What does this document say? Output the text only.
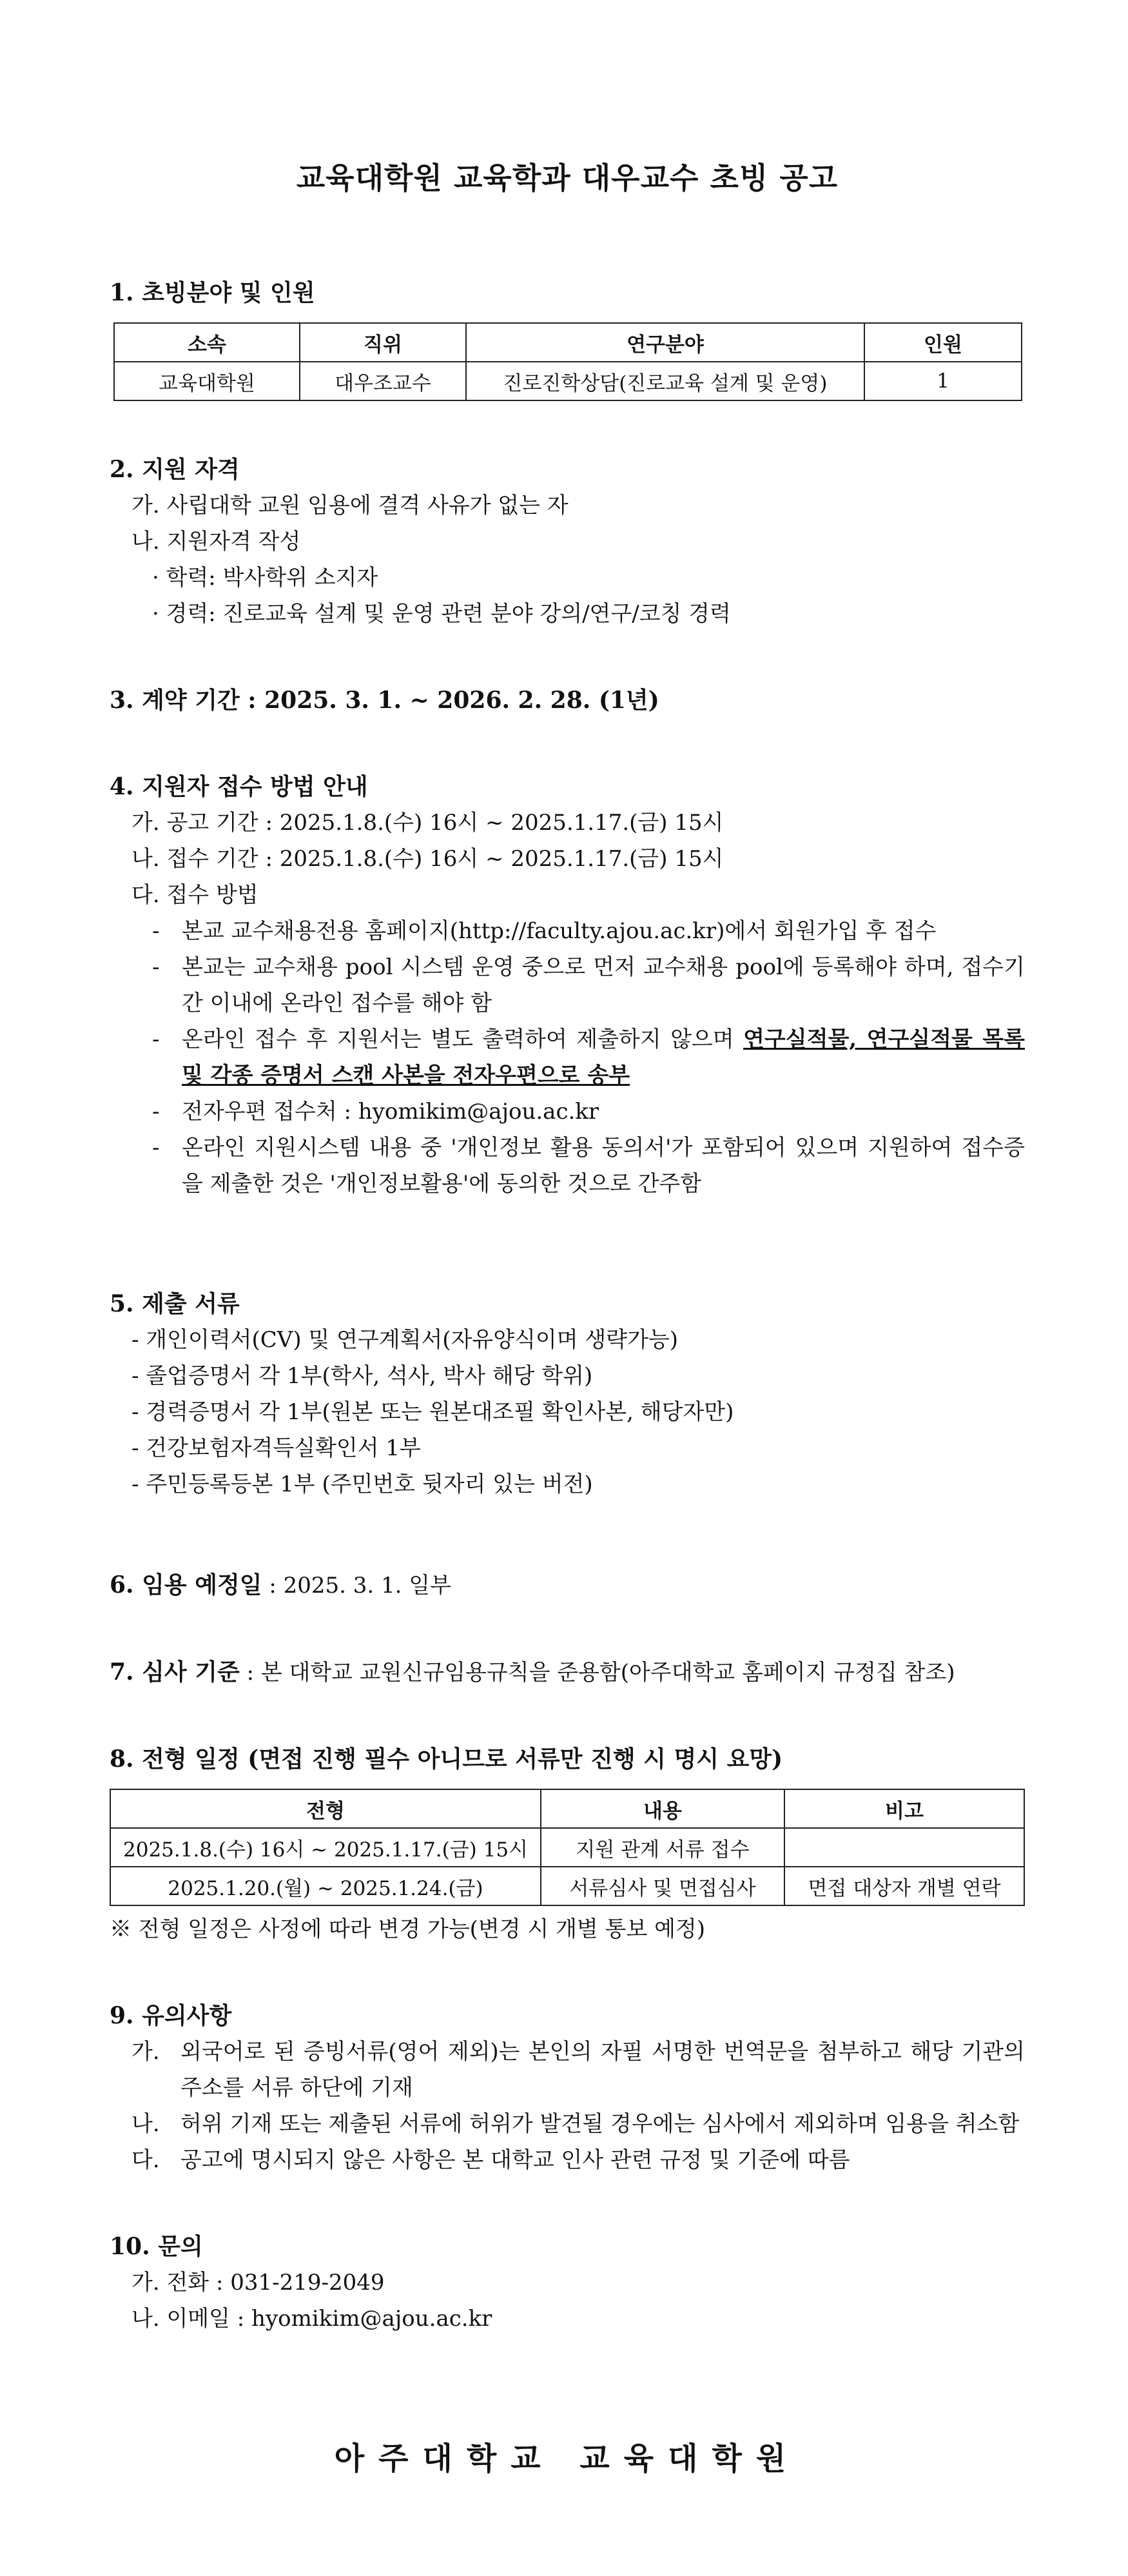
교육대학원 교육학과 대우교수 초빙 공고
1. 초빙분야 및 인원
소속	직위	연구분야	인원
교육대학원	대우조교수	진로진학상담(진로교육 설계 및 운영)	1
2. 지원 자격
가. 사립대학 교원 임용에 결격 사유가 없는 자
나. 지원자격 작성
· 학력: 박사학위 소지자
· 경력: 진로교육 설계 및 운영 관련 분야 강의/연구/코칭 경력
3. 계약 기간 : 2025. 3. 1. ~ 2026. 2. 28. (1년)
4. 지원자 접수 방법 안내
가. 공고 기간 : 2025.1.8.(수) 16시 ~ 2025.1.17.(금) 15시
나. 접수 기간 : 2025.1.8.(수) 16시 ~ 2025.1.17.(금) 15시
다. 접수 방법
- 본교 교수채용전용 홈페이지(http://faculty.ajou.ac.kr)에서 회원가입 후 접수
- 본교는 교수채용 pool 시스템 운영 중으로 먼저 교수채용 pool에 등록해야 하며, 접수기간 이내에 온라인 접수를 해야 함
- 온라인 접수 후 지원서는 별도 출력하여 제출하지 않으며 연구실적물, 연구실적물 목록 및 각종 증명서 스캔 사본을 전자우편으로 송부
- 전자우편 접수처 : hyomikim@ajou.ac.kr
- 온라인 지원시스템 내용 중 '개인정보 활용 동의서'가 포함되어 있으며 지원하여 접수증을 제출한 것은 '개인정보활용'에 동의한 것으로 간주함
5. 제출 서류
- 개인이력서(CV) 및 연구계획서(자유양식이며 생략가능)
- 졸업증명서 각 1부(학사, 석사, 박사 해당 학위)
- 경력증명서 각 1부(원본 또는 원본대조필 확인사본, 해당자만)
- 건강보험자격득실확인서 1부
- 주민등록등본 1부 (주민번호 뒷자리 있는 버전)
6. 임용 예정일 : 2025. 3. 1. 일부
7. 심사 기준 : 본 대학교 교원신규임용규칙을 준용함(아주대학교 홈페이지 규정집 참조)
8. 전형 일정 (면접 진행 필수 아니므로 서류만 진행 시 명시 요망)
전형	내용	비고
2025.1.8.(수) 16시 ~ 2025.1.17.(금) 15시	지원 관계 서류 접수	
2025.1.20.(월) ~ 2025.1.24.(금)	서류심사 및 면접심사	면접 대상자 개별 연락
※ 전형 일정은 사정에 따라 변경 가능(변경 시 개별 통보 예정)
9. 유의사항
가. 외국어로 된 증빙서류(영어 제외)는 본인의 자필 서명한 번역문을 첨부하고 해당 기관의 주소를 서류 하단에 기재
나. 허위 기재 또는 제출된 서류에 허위가 발견될 경우에는 심사에서 제외하며 임용을 취소함
다. 공고에 명시되지 않은 사항은 본 대학교 인사 관련 규정 및 기준에 따름
10. 문의
가. 전화 : 031-219-2049
나. 이메일 : hyomikim@ajou.ac.kr
아주대학교 교육대학원
